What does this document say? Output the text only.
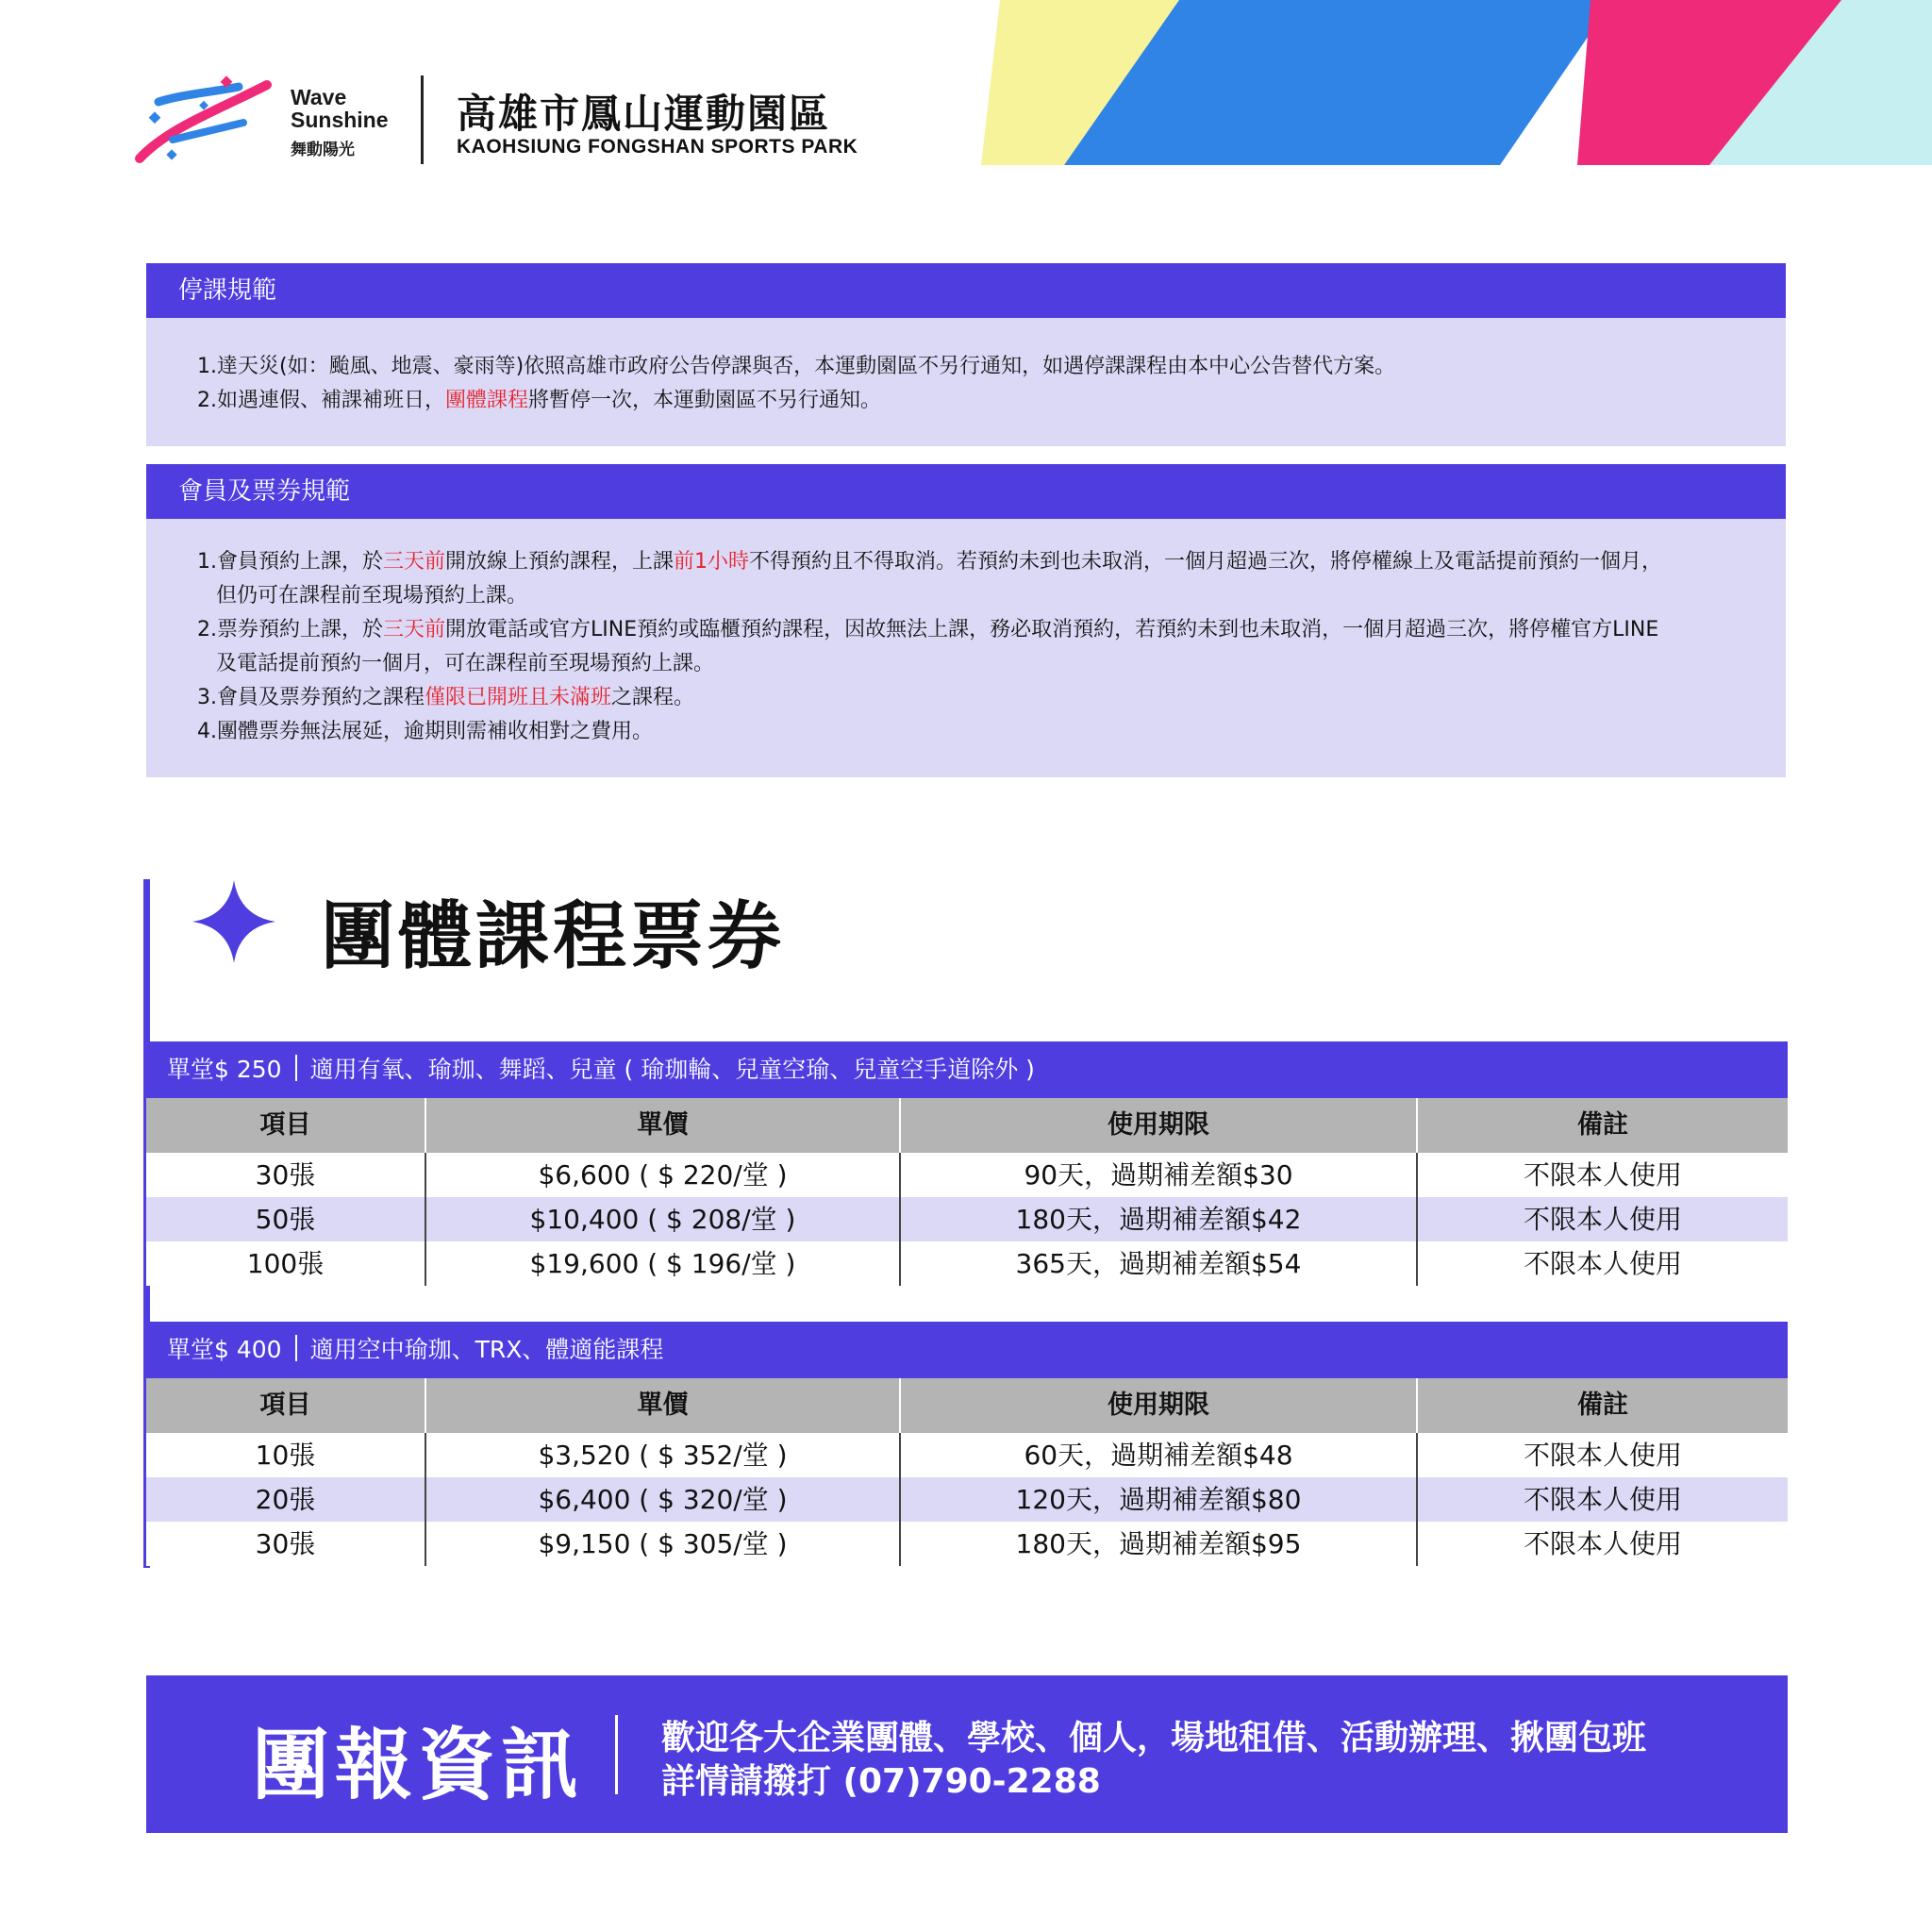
Wave
Sunshine
舞動陽光
高雄市鳳山運動園區
KAOHSIUNG FONGSHAN SPORTS PARK
停課規範
1.達天災(如：颱風、地震、豪雨等)依照高雄市政府公告停課與否，本運動園區不另行通知，如遇停課課程由本中心公告替代方案。
2.如遇連假、補課補班日，團體課程將暫停一次，本運動園區不另行通知。
會員及票券規範
1.會員預約上課，於三天前開放線上預約課程，上課前1小時不得預約且不得取消。若預約未到也未取消，一個月超過三次，將停權線上及電話提前預約一個月，
但仍可在課程前至現場預約上課。
2.票券預約上課，於三天前開放電話或官方LINE預約或臨櫃預約課程，因故無法上課，務必取消預約，若預約未到也未取消，一個月超過三次，將停權官方LINE
及電話提前預約一個月，可在課程前至現場預約上課。
3.會員及票券預約之課程僅限已開班且未滿班之課程。
4.團體票券無法展延，逾期則需補收相對之費用。
團體課程票券
單堂$ 250 適用有氧、瑜珈、舞蹈、兒童 ( 瑜珈輪、兒童空瑜、兒童空手道除外 )
項目	單價	使用期限	備註
30張	$6,600 ( $ 220/堂 )	90天，過期補差額$30	不限本人使用
50張	$10,400 ( $ 208/堂 )	180天，過期補差額$42	不限本人使用
100張	$19,600 ( $ 196/堂 )	365天，過期補差額$54	不限本人使用
單堂$ 400 適用空中瑜珈、TRX、體適能課程
項目	單價	使用期限	備註
10張	$3,520 ( $ 352/堂 )	60天，過期補差額$48	不限本人使用
20張	$6,400 ( $ 320/堂 )	120天，過期補差額$80	不限本人使用
30張	$9,150 ( $ 305/堂 )	180天，過期補差額$95	不限本人使用
團報資訊 歡迎各大企業團體、學校、個人，場地租借、活動辦理、揪團包班
詳情請撥打 (07)790-2288
